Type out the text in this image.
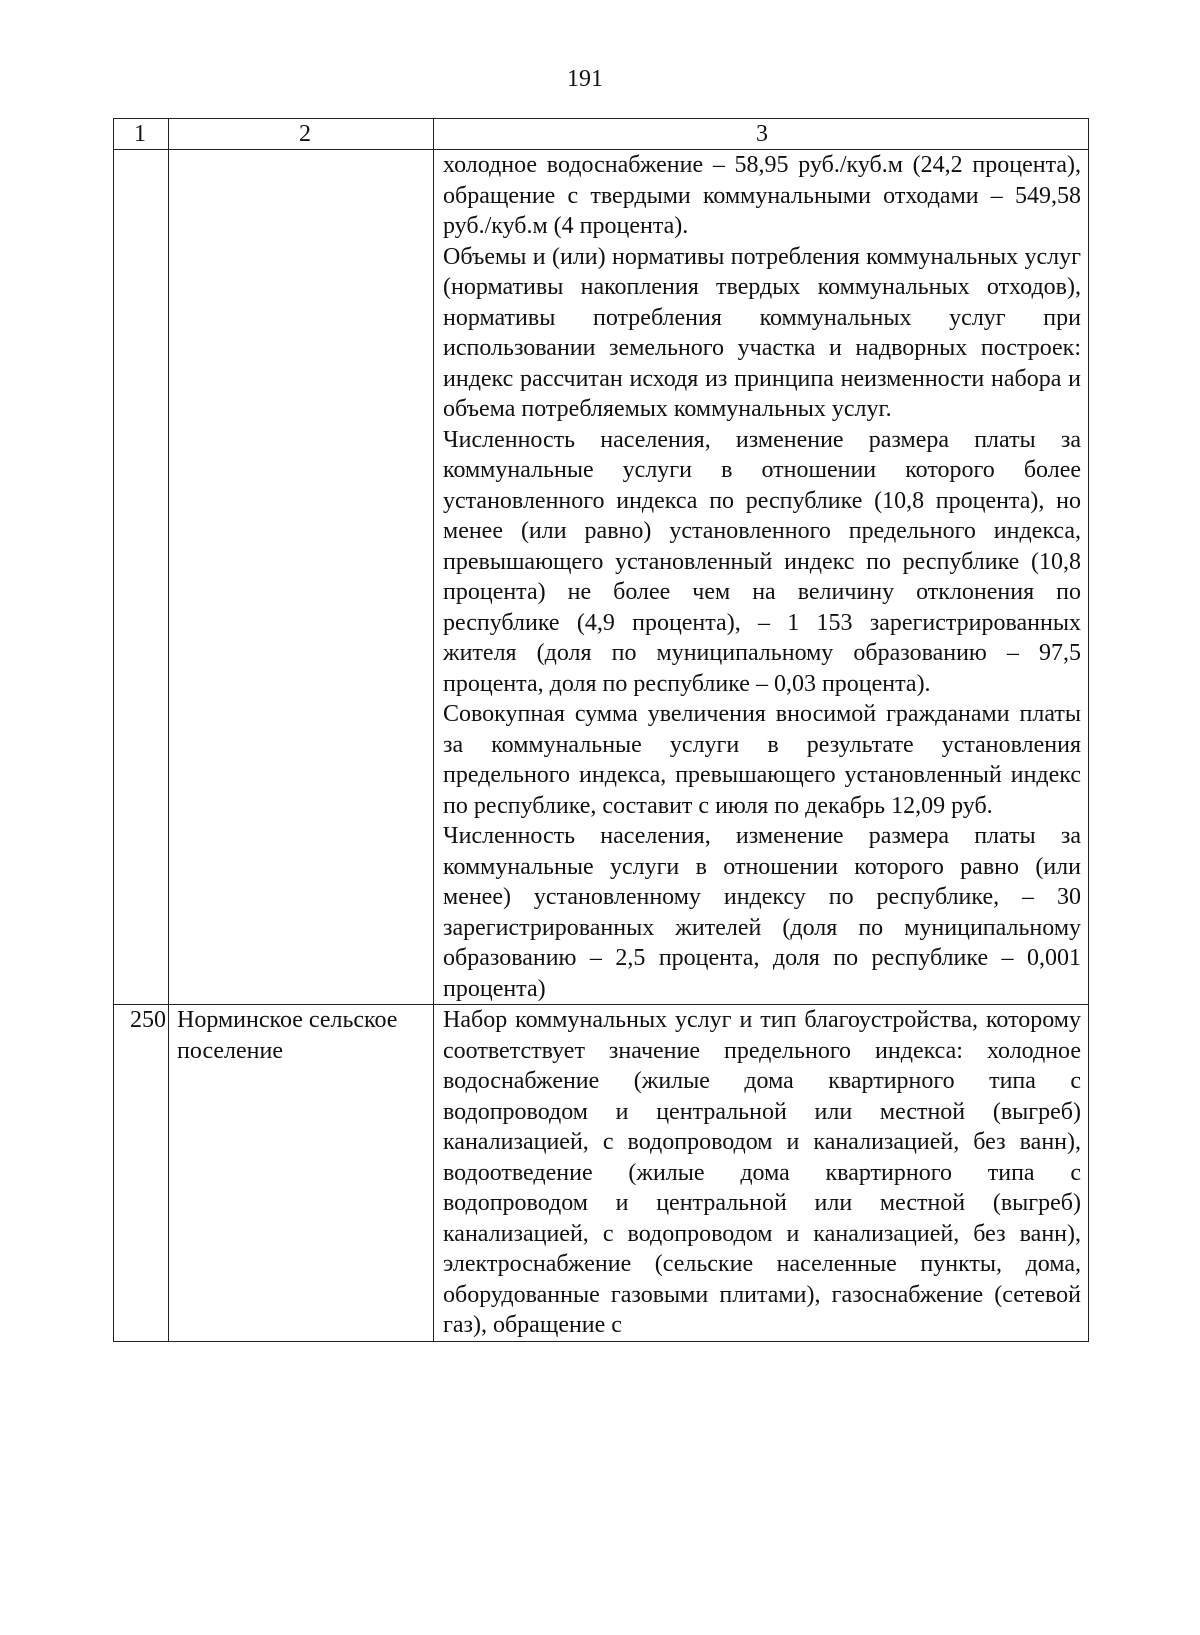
191
1	2	3

		холодное водоснабжение – 58,95 руб./куб.м (24,2 процента), обращение с твердыми коммунальными отходами – 549,58 руб./куб.м (4 процента).
Объемы и (или) нормативы потребления коммунальных услуг (нормативы накопления твердых коммунальных отходов), нормативы потребления коммунальных услуг при использовании земельного участка и надворных построек: индекс рассчитан исходя из принципа неизменности набора и объема потребляемых коммунальных услуг.
Численность населения, изменение размера платы за коммунальные услуги в отношении которого более установленного индекса по республике (10,8 процента), но менее (или равно) установленного предельного индекса, превышающего установленный индекс по республике (10,8 процента) не более чем на величину отклонения по республике (4,9 процента), – 1 153 зарегистрированных жителя (доля по муниципальному образованию – 97,5 процента, доля по республике – 0,03 процента).
Совокупная сумма увеличения вносимой гражданами платы за коммунальные услуги в результате установления предельного индекса, превышающего установленный индекс по республике, составит с июля по декабрь 12,09 руб.
Численность населения, изменение размера платы за коммунальные услуги в отношении которого равно (или менее) установленному индексу по республике, – 30 зарегистрированных жителей (доля по муниципальному образованию – 2,5 процента, доля по республике – 0,001 процента)

250	Норминское сельское поселение	Набор коммунальных услуг и тип благоустройства, которому соответствует значение предельного индекса: холодное водоснабжение (жилые дома квартирного типа с водопроводом и центральной или местной (выгреб) канализацией, с водопроводом и канализацией, без ванн), водоотведение (жилые дома квартирного типа с водопроводом и центральной или местной (выгреб) канализацией, с водопроводом и канализацией, без ванн), электроснабжение (сельские населенные пункты, дома, оборудованные газовыми плитами), газоснабжение (сетевой газ), обращение с
